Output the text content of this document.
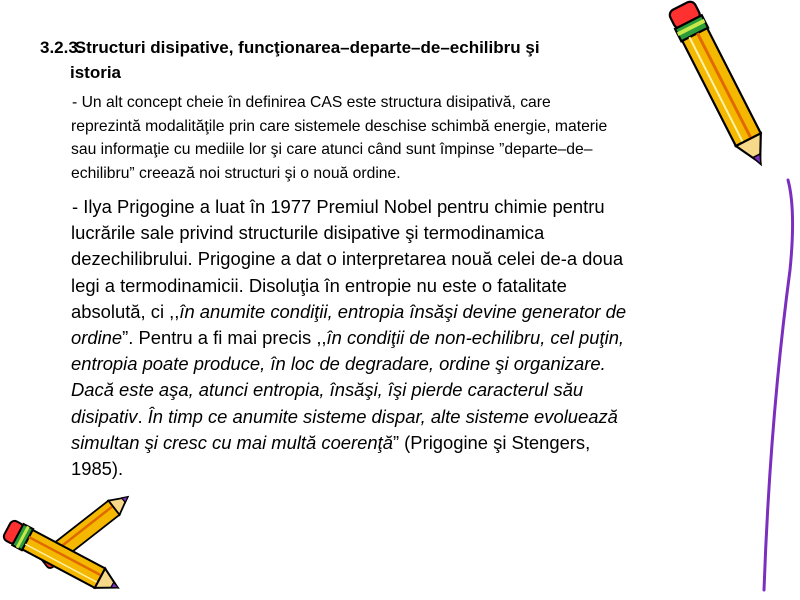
3.2.3. Structuri disipative, funcţionarea–departe–de–echilibru şi
istoria
- Un alt concept cheie în definirea CAS este structura disipativă, care
reprezintă modalităţile prin care sistemele deschise schimbă energie, materie
sau informaţie cu mediile lor şi care atunci când sunt împinse ”departe–de–
echilibru” creează noi structuri şi o nouă ordine.
- Ilya Prigogine a luat în 1977 Premiul Nobel pentru chimie pentru
lucrările sale privind structurile disipative şi termodinamica
dezechilibrului. Prigogine a dat o interpretarea nouă celei de-a doua
legi a termodinamicii. Disoluţia în entropie nu este o fatalitate
absolută, ci ,,în anumite condiţii, entropia însăşi devine generator de
ordine”. Pentru a fi mai precis ,,în condiţii de non-echilibru, cel puţin,
entropia poate produce, în loc de degradare, ordine şi organizare.
Dacă este aşa, atunci entropia, însăşi, îşi pierde caracterul său
disipativ. În timp ce anumite sisteme dispar, alte sisteme evoluează
simultan şi cresc cu mai multă coerenţă” (Prigogine şi Stengers,
1985).
